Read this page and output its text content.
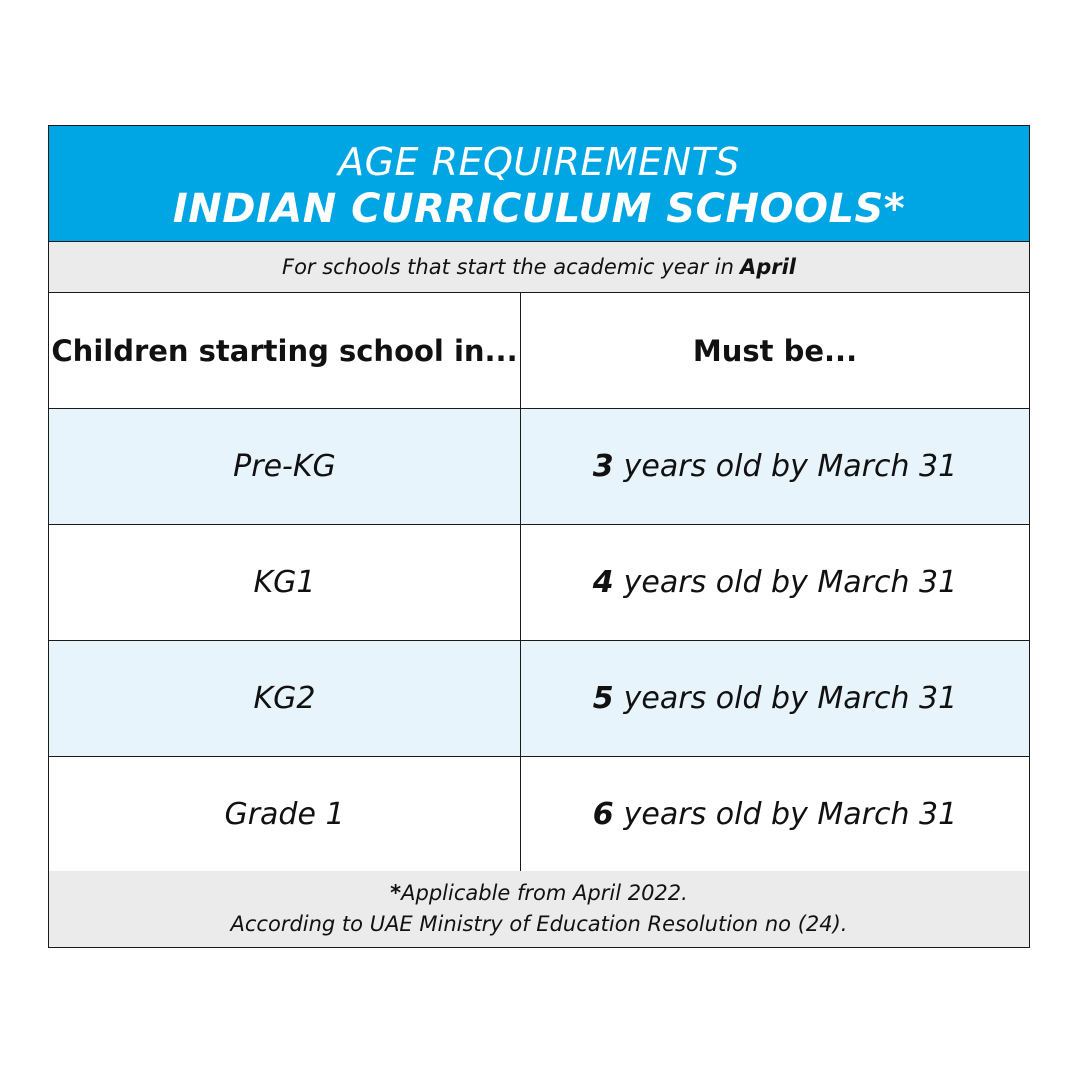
AGE REQUIREMENTS
INDIAN CURRICULUM SCHOOLS*
For schools that start the academic year in April
Children starting school in...	Must be...
Pre-KG	3 years old by March 31
KG1	4 years old by March 31
KG2	5 years old by March 31
Grade 1	6 years old by March 31
*Applicable from April 2022.
According to UAE Ministry of Education Resolution no (24).
